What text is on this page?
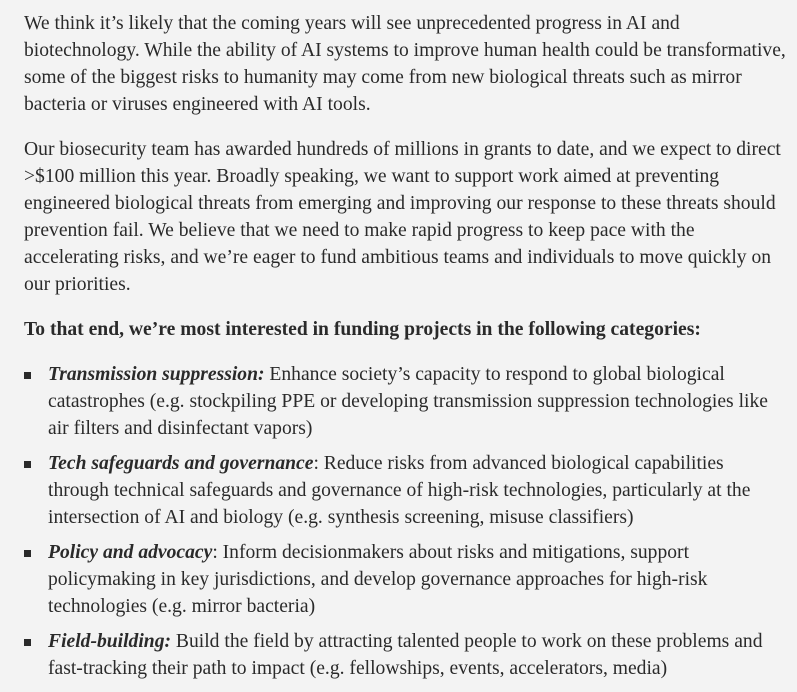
We think it’s likely that the coming years will see unprecedented progress in AI and biotechnology. While the ability of AI systems to improve human health could be transformative, some of the biggest risks to humanity may come from new biological threats such as mirror bacteria or viruses engineered with AI tools.

Our biosecurity team has awarded hundreds of millions in grants to date, and we expect to direct >$100 million this year. Broadly speaking, we want to support work aimed at preventing engineered biological threats from emerging and improving our response to these threats should prevention fail. We believe that we need to make rapid progress to keep pace with the accelerating risks, and we’re eager to fund ambitious teams and individuals to move quickly on our priorities.

To that end, we’re most interested in funding projects in the following categories:

Transmission suppression: Enhance society’s capacity to respond to global biological catastrophes (e.g. stockpiling PPE or developing transmission suppression technologies like air filters and disinfectant vapors)
Tech safeguards and governance: Reduce risks from advanced biological capabilities through technical safeguards and governance of high-risk technologies, particularly at the intersection of AI and biology (e.g. synthesis screening, misuse classifiers)
Policy and advocacy: Inform decisionmakers about risks and mitigations, support policymaking in key jurisdictions, and develop governance approaches for high-risk technologies (e.g. mirror bacteria)
Field-building: Build the field by attracting talented people to work on these problems and fast-tracking their path to impact (e.g. fellowships, events, accelerators, media)
